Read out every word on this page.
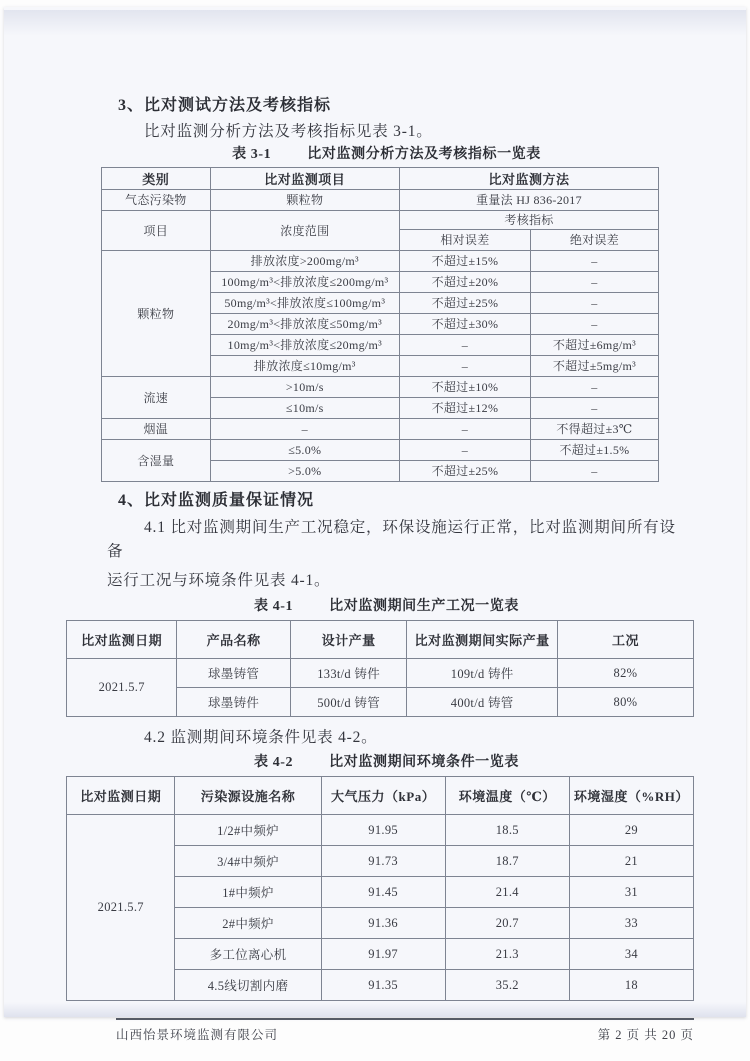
3、比对测试方法及考核指标
比对监测分析方法及考核指标见表 3-1。
表 3-1	比对监测分析方法及考核指标一览表
类别	比对监测项目	比对监测方法	
气态污染物	颗粒物	重量法 HJ 836-2017	
项目	浓度范围	考核指标	
		相对误差	绝对误差
颗粒物	排放浓度>200mg/m³	不超过±15%	–
	100mg/m³<排放浓度≤200mg/m³	不超过±20%	–
	50mg/m³<排放浓度≤100mg/m³	不超过±25%	–
	20mg/m³<排放浓度≤50mg/m³	不超过±30%	–
	10mg/m³<排放浓度≤20mg/m³	–	不超过±6mg/m³
	排放浓度≤10mg/m³	–	不超过±5mg/m³
流速	>10m/s	不超过±10%	–
	≤10m/s	不超过±12%	–
烟温	–	–	不得超过±3℃
含湿量	≤5.0%	–	不超过±1.5%
	>5.0%	不超过±25%	–
4、比对监测质量保证情况
4.1 比对监测期间生产工况稳定，环保设施运行正常，比对监测期间所有设备
运行工况与环境条件见表 4-1。
表 4-1	比对监测期间生产工况一览表
比对监测日期	产品名称	设计产量	比对监测期间实际产量	工况
2021.5.7	球墨铸管	133t/d 铸件	109t/d 铸件	82%
	球墨铸件	500t/d 铸管	400t/d 铸管	80%
4.2 监测期间环境条件见表 4-2。
表 4-2	比对监测期间环境条件一览表
比对监测日期	污染源设施名称	大气压力（kPa）	环境温度（℃）	环境湿度（%RH）
2021.5.7	1/2#中频炉	91.95	18.5	29
	3/4#中频炉	91.73	18.7	21
	1#中频炉	91.45	21.4	31
	2#中频炉	91.36	20.7	33
	多工位离心机	91.97	21.3	34
	4.5线切割内磨	91.35	35.2	18
山西怡景环境监测有限公司	第 2 页 共 20 页
